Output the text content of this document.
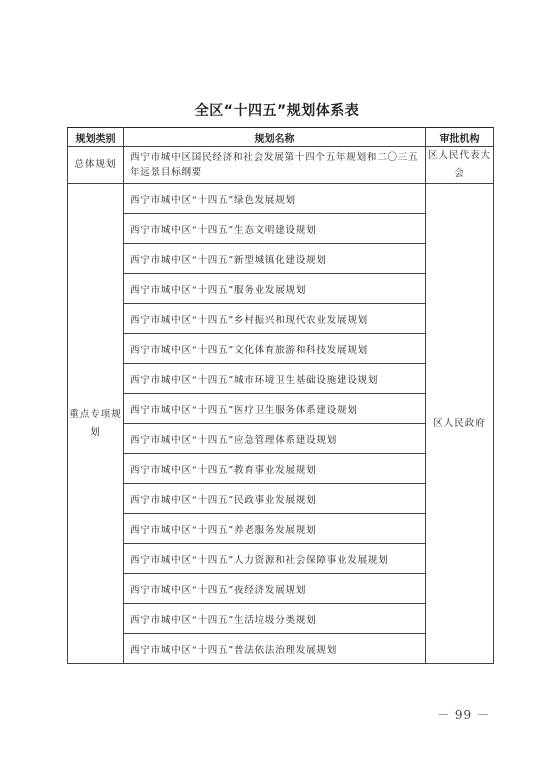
全区“十四五”规划体系表
规划类别	规划名称	审批机构
总体规划	西宁市城中区国民经济和社会发展第十四个五年规划和二〇三五年远景目标纲要	区人民代表大会
重点专项规划	西宁市城中区“十四五”绿色发展规划	区人民政府
	西宁市城中区“十四五”生态文明建设规划	
	西宁市城中区“十四五”新型城镇化建设规划	
	西宁市城中区“十四五”服务业发展规划	
	西宁市城中区“十四五”乡村振兴和现代农业发展规划	
	西宁市城中区“十四五”文化体育旅游和科技发展规划	
	西宁市城中区“十四五”城市环境卫生基础设施建设规划	
	西宁市城中区“十四五”医疗卫生服务体系建设规划	
	西宁市城中区“十四五”应急管理体系建设规划	
	西宁市城中区“十四五”教育事业发展规划	
	西宁市城中区“十四五”民政事业发展规划	
	西宁市城中区“十四五”养老服务发展规划	
	西宁市城中区“十四五”人力资源和社会保障事业发展规划	
	西宁市城中区“十四五”夜经济发展规划	
	西宁市城中区“十四五”生活垃圾分类规划	
	西宁市城中区“十四五”普法依法治理发展规划	
－ 99 －
